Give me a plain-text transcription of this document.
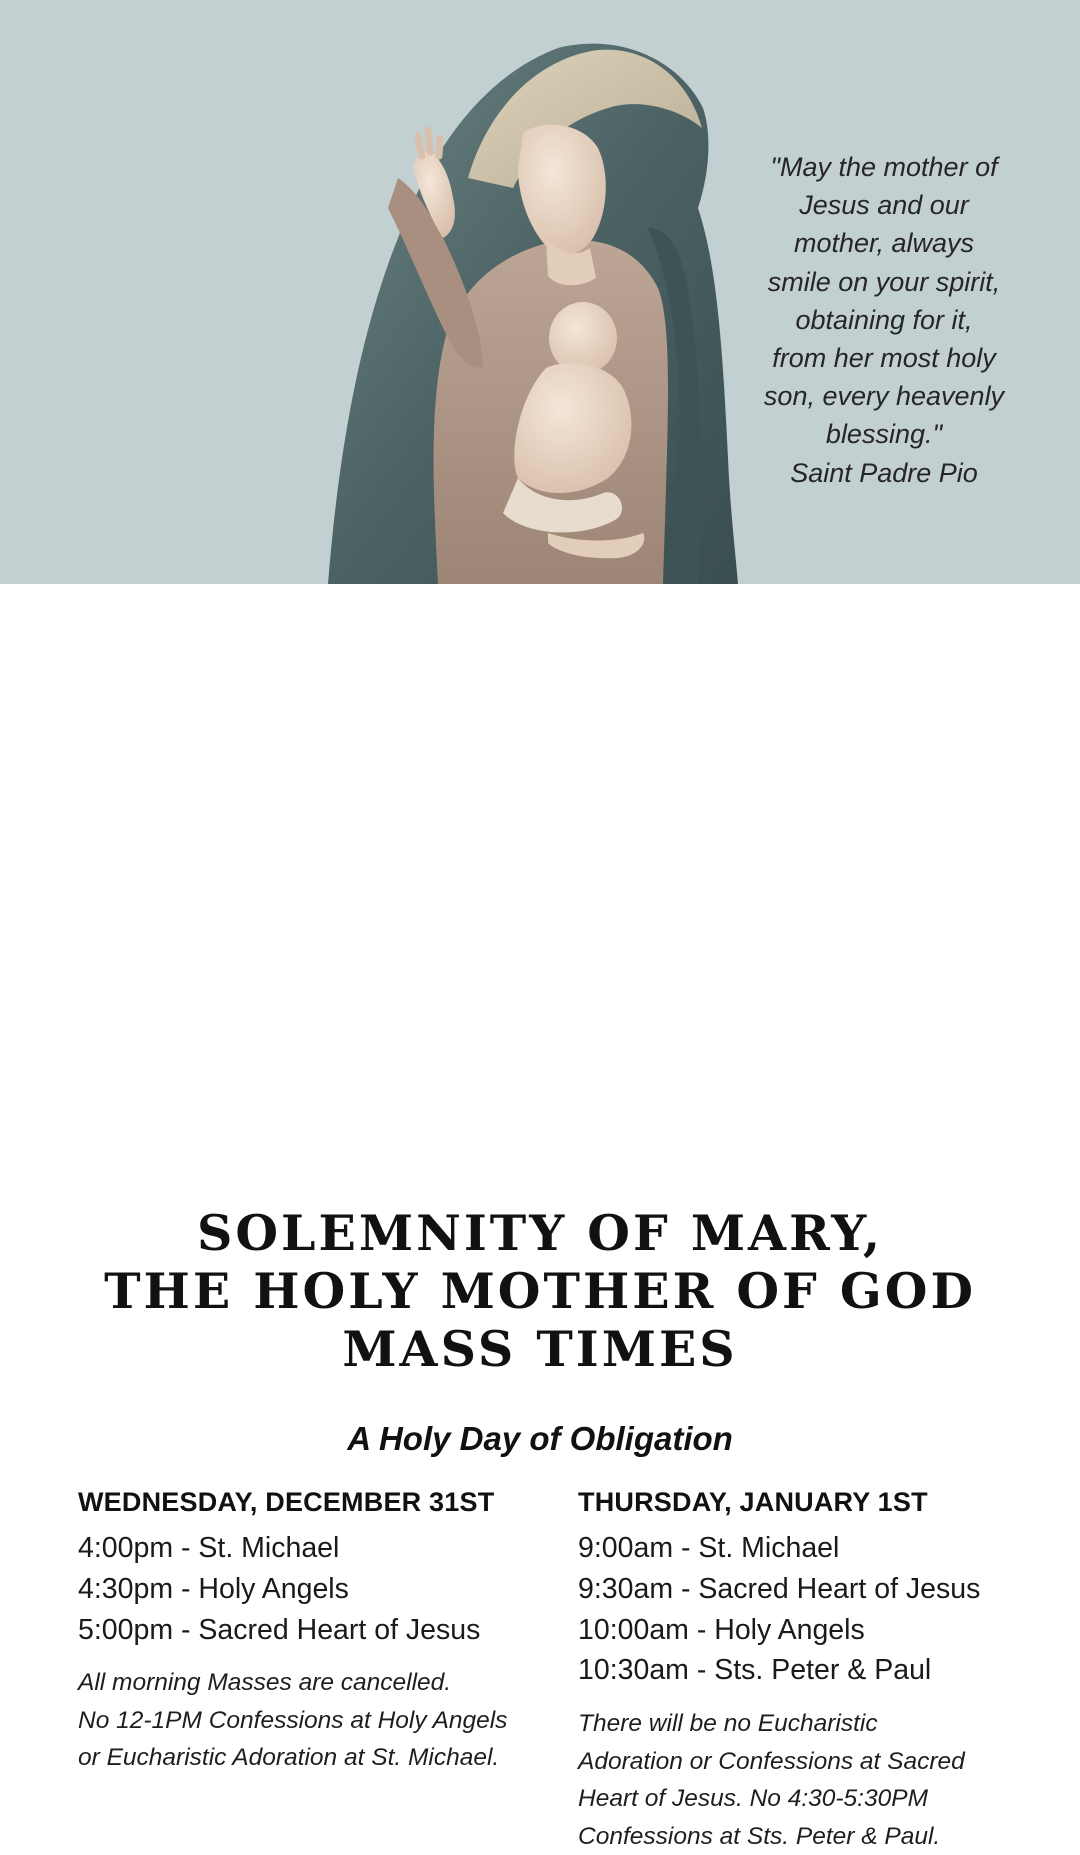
"May the mother of
Jesus and our
mother, always
smile on your spirit,
obtaining for it,
from her most holy
son, every heavenly
blessing."
Saint Padre Pio
SOLEMNITY OF MARY,
THE HOLY MOTHER OF GOD
MASS TIMES
A Holy Day of Obligation
WEDNESDAY, DECEMBER 31ST
4:00pm - St. Michael
4:30pm - Holy Angels
5:00pm - Sacred Heart of Jesus
All morning Masses are cancelled.
No 12-1PM Confessions at Holy Angels
or Eucharistic Adoration at St. Michael.
THURSDAY, JANUARY 1ST
9:00am - St. Michael
9:30am - Sacred Heart of Jesus
10:00am - Holy Angels
10:30am - Sts. Peter & Paul
There will be no Eucharistic
Adoration or Confessions at Sacred
Heart of Jesus. No 4:30-5:30PM
Confessions at Sts. Peter & Paul.
